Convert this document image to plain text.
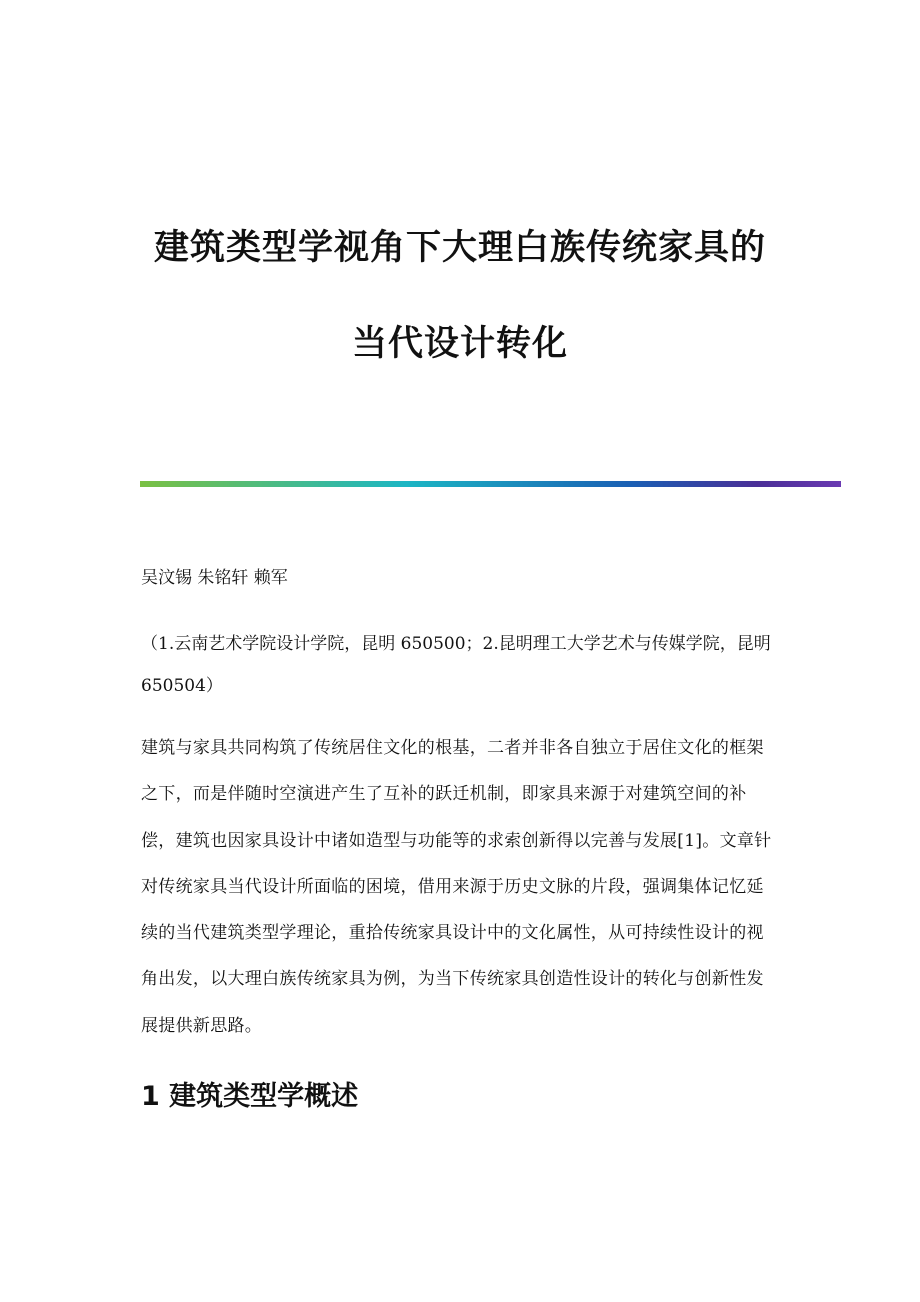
建筑类型学视角下大理白族传统家具的
当代设计转化

吴汶锡 朱铭轩 赖军

（1.云南艺术学院设计学院，昆明 650500；2.昆明理工大学艺术与传媒学院，昆明 650504）

建筑与家具共同构筑了传统居住文化的根基，二者并非各自独立于居住文化的框架之下，而是伴随时空演进产生了互补的跃迁机制，即家具来源于对建筑空间的补偿，建筑也因家具设计中诸如造型与功能等的求索创新得以完善与发展[1]。文章针对传统家具当代设计所面临的困境，借用来源于历史文脉的片段，强调集体记忆延续的当代建筑类型学理论，重拾传统家具设计中的文化属性，从可持续性设计的视角出发，以大理白族传统家具为例，为当下传统家具创造性设计的转化与创新性发展提供新思路。

1 建筑类型学概述
